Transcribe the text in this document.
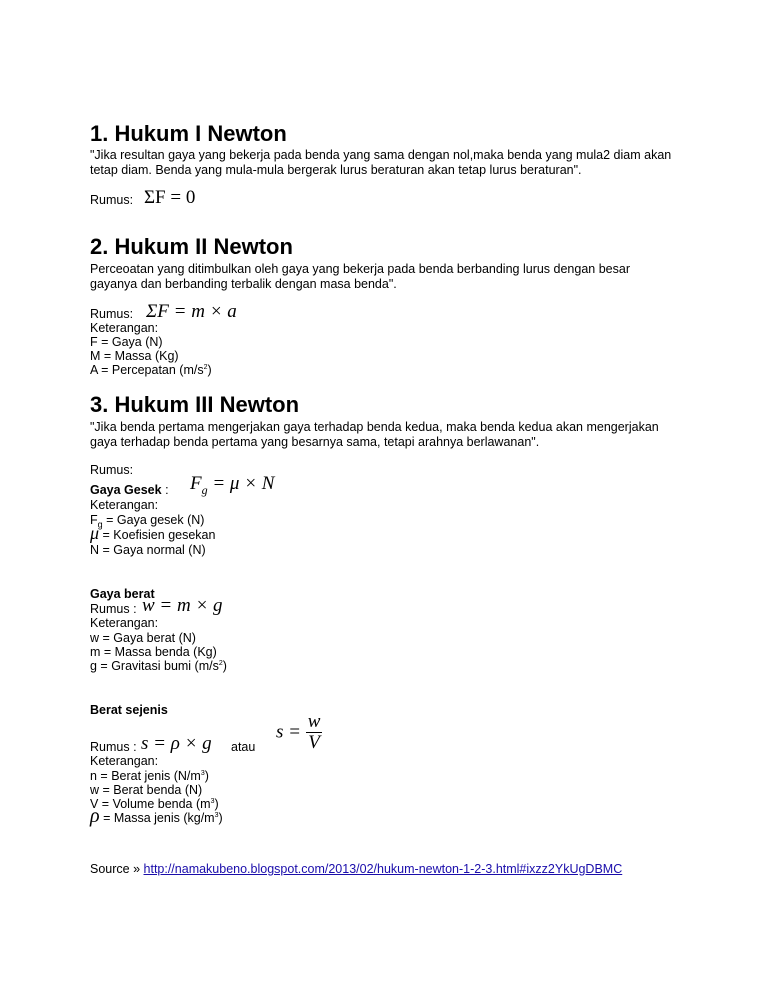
1. Hukum I Newton
"Jika resultan gaya yang bekerja pada benda yang sama dengan nol,maka benda yang mula2 diam akan
tetap diam. Benda yang mula-mula bergerak lurus beraturan akan tetap lurus beraturan".
Rumus: ΣF = 0
2. Hukum II Newton
Perceoatan yang ditimbulkan oleh gaya yang bekerja pada benda berbanding lurus dengan besar
gayanya dan berbanding terbalik dengan masa benda".
Rumus: ΣF = m × a
Keterangan:
F = Gaya (N)
M = Massa (Kg)
A = Percepatan $(m/s^2)$
3. Hukum III Newton
"Jika benda pertama mengerjakan gaya terhadap benda kedua, maka benda kedua akan mengerjakan
gaya terhadap benda pertama yang besarnya sama, tetapi arahnya berlawanan".
Rumus:
Gaya Gesek : $F_g = \mu \times N$
Keterangan:
$F_g$ = Gaya gesek (N)
μ = Koefisien gesekan
N = Gaya normal (N)
Gaya berat
Rumus : w = m × g
Keterangan:
w = Gaya berat (N)
m = Massa benda (Kg)
g = Gravitasi bumi $(m/s^2)$
Berat sejenis
$s = \frac{w}{V}$
Rumus : s = ρ × g atau
Keterangan:
n = Berat jenis $(N/m^3)$
w = Berat benda (N)
V = Volume benda $(m^3)$
ρ = Massa jenis $(kg/m^3)$
Source » http://namakubeno.blogspot.com/2013/02/hukum-newton-1-2-3.html#ixzz2YkUgDBMC
